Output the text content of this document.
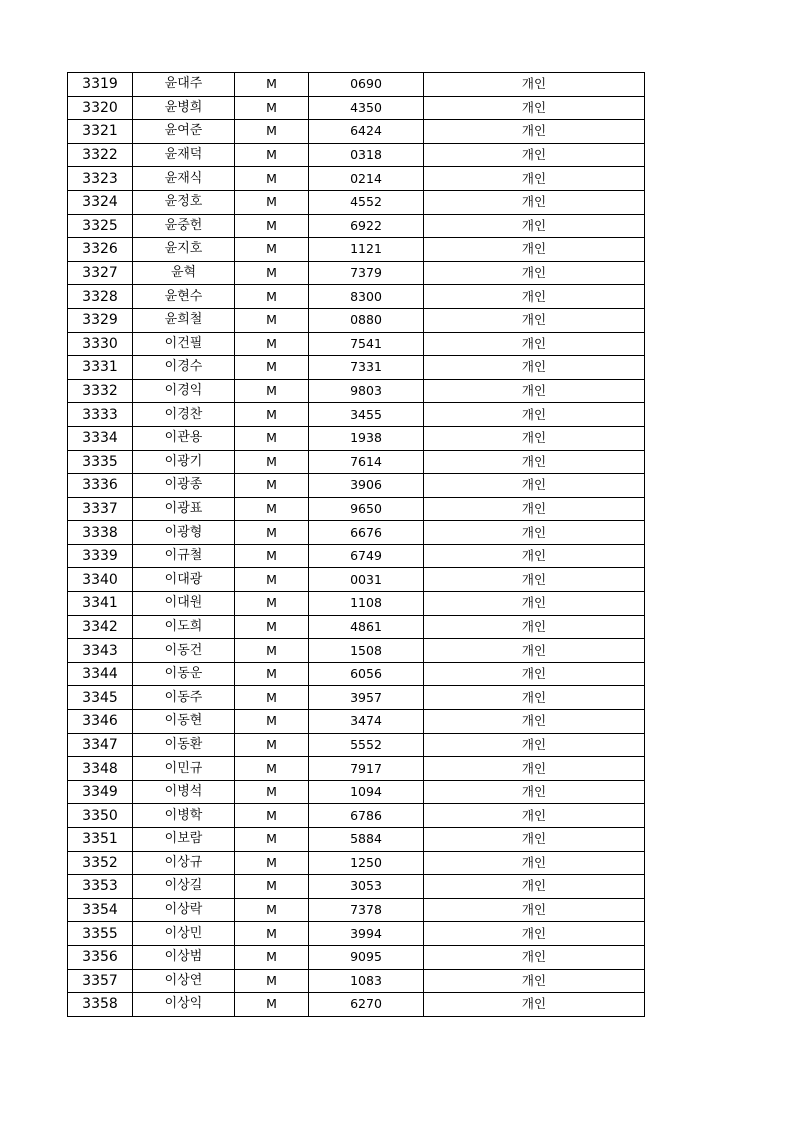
3319	윤대주	M	0690	개인
3320	윤병희	M	4350	개인
3321	윤여준	M	6424	개인
3322	윤재덕	M	0318	개인
3323	윤재식	M	0214	개인
3324	윤정호	M	4552	개인
3325	윤중헌	M	6922	개인
3326	윤지호	M	1121	개인
3327	윤혁	M	7379	개인
3328	윤현수	M	8300	개인
3329	윤희철	M	0880	개인
3330	이건필	M	7541	개인
3331	이경수	M	7331	개인
3332	이경익	M	9803	개인
3333	이경찬	M	3455	개인
3334	이관용	M	1938	개인
3335	이광기	M	7614	개인
3336	이광종	M	3906	개인
3337	이광표	M	9650	개인
3338	이광형	M	6676	개인
3339	이규철	M	6749	개인
3340	이대광	M	0031	개인
3341	이대원	M	1108	개인
3342	이도희	M	4861	개인
3343	이동건	M	1508	개인
3344	이동운	M	6056	개인
3345	이동주	M	3957	개인
3346	이동현	M	3474	개인
3347	이동환	M	5552	개인
3348	이민규	M	7917	개인
3349	이병석	M	1094	개인
3350	이병학	M	6786	개인
3351	이보람	M	5884	개인
3352	이상규	M	1250	개인
3353	이상길	M	3053	개인
3354	이상락	M	7378	개인
3355	이상민	M	3994	개인
3356	이상범	M	9095	개인
3357	이상연	M	1083	개인
3358	이상익	M	6270	개인
